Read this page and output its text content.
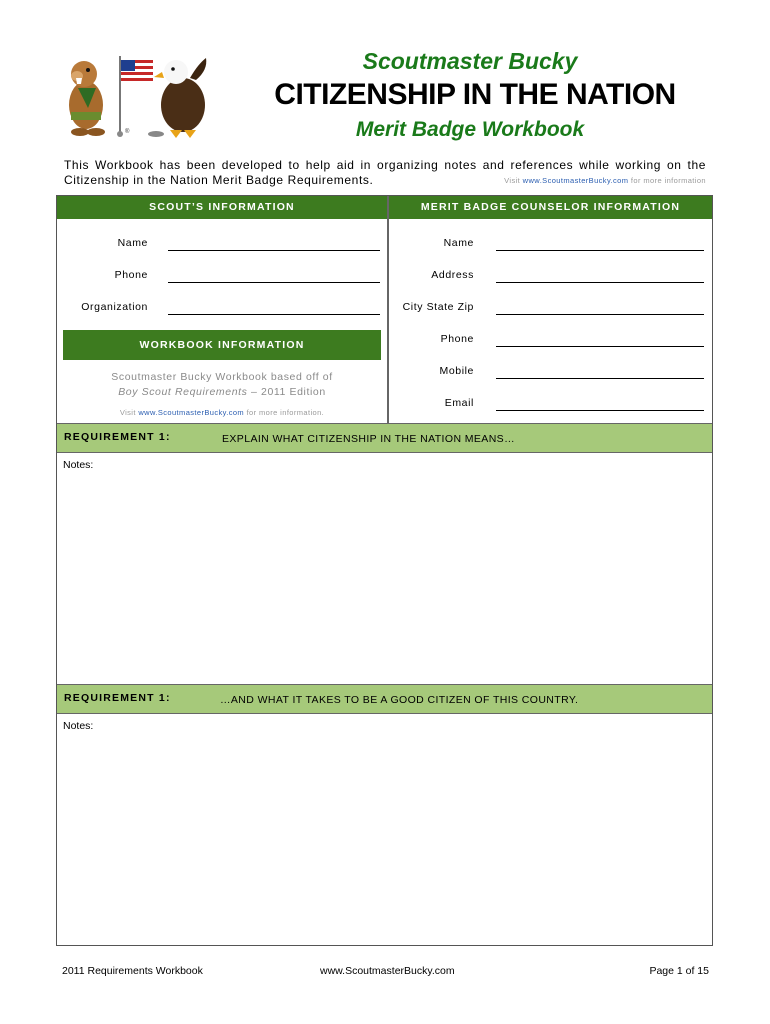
®
Scoutmaster Bucky
CITIZENSHIP IN THE NATION
Merit Badge Workbook
This Workbook has been developed to help aid in organizing notes and references while working on the Citizenship in the Nation Merit Badge Requirements.	Visit www.ScoutmasterBucky.com for more information
SCOUT’S INFORMATION	MERIT BADGE COUNSELOR INFORMATION
Name
Phone
Organization
Name
Address
City State Zip
Phone
Mobile
Email
WORKBOOK INFORMATION
Scoutmaster Bucky Workbook based off of
Boy Scout Requirements – 2011 Edition
Visit www.ScoutmasterBucky.com for more information.
REQUIREMENT 1:	EXPLAIN WHAT CITIZENSHIP IN THE NATION MEANS…
Notes:
REQUIREMENT 1:	…AND WHAT IT TAKES TO BE A GOOD CITIZEN OF THIS COUNTRY.
Notes:
2011 Requirements Workbook	www.ScoutmasterBucky.com	Page 1 of 15
